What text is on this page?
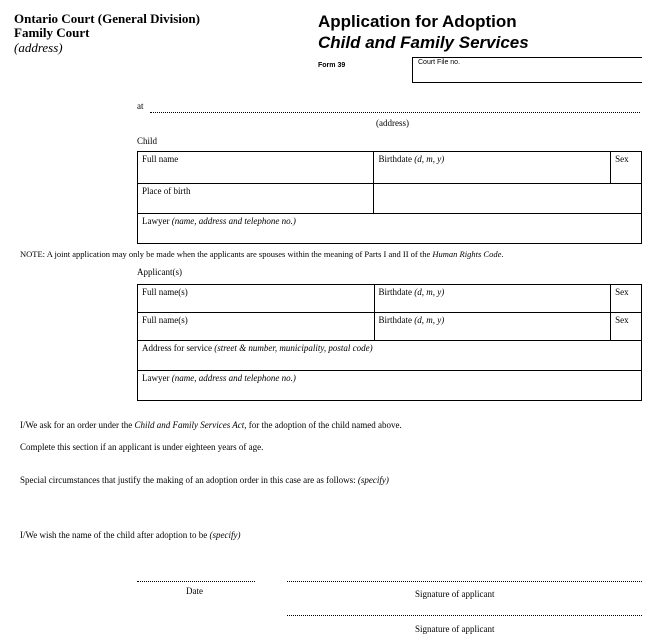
Ontario Court (General Division)
Family Court
(address)
Application for Adoption
Child and Family Services
Form 39	Court File no.
at
(address)
Child
Full name	Birthdate (d, m, y)	Sex
Place of birth		
Lawyer (name, address and telephone no.)		
NOTE: A joint application may only be made when the applicants are spouses within the meaning of Parts I and II of the Human Rights Code.
Applicant(s)
Full name(s)	Birthdate (d, m, y)	Sex
Full name(s)	Birthdate (d, m, y)	Sex
Address for service (street & number, municipality, postal code)		
Lawyer (name, address and telephone no.)		
I/We ask for an order under the Child and Family Services Act, for the adoption of the child named above.
Complete this section if an applicant is under eighteen years of age.
Special circumstances that justify the making of an adoption order in this case are as follows: (specify)
I/We wish the name of the child after adoption to be (specify)
Date	Signature of applicant
Signature of applicant
